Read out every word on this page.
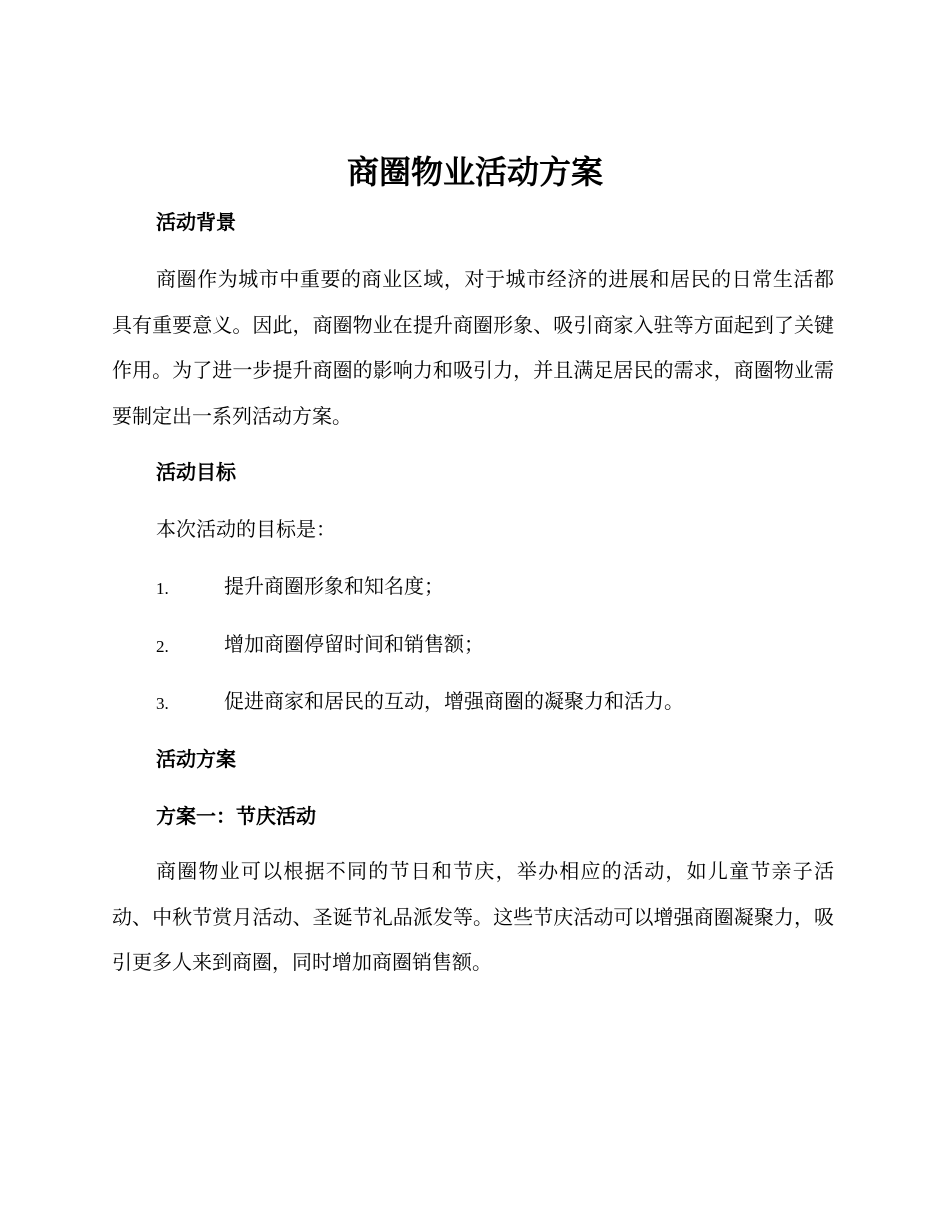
商圈物业活动方案
活动背景

商圈作为城市中重要的商业区域，对于城市经济的进展和居民的日常生活都具有重要意义。因此，商圈物业在提升商圈形象、吸引商家入驻等方面起到了关键作用。为了进一步提升商圈的影响力和吸引力，并且满足居民的需求，商圈物业需要制定出一系列活动方案。

活动目标

本次活动的目标是：

1.	提升商圈形象和知名度；
2.	增加商圈停留时间和销售额；
3.	促进商家和居民的互动，增强商圈的凝聚力和活力。
活动方案
方案一：节庆活动

商圈物业可以根据不同的节日和节庆，举办相应的活动，如儿童节亲子活动、中秋节赏月活动、圣诞节礼品派发等。这些节庆活动可以增强商圈凝聚力，吸引更多人来到商圈，同时增加商圈销售额。
